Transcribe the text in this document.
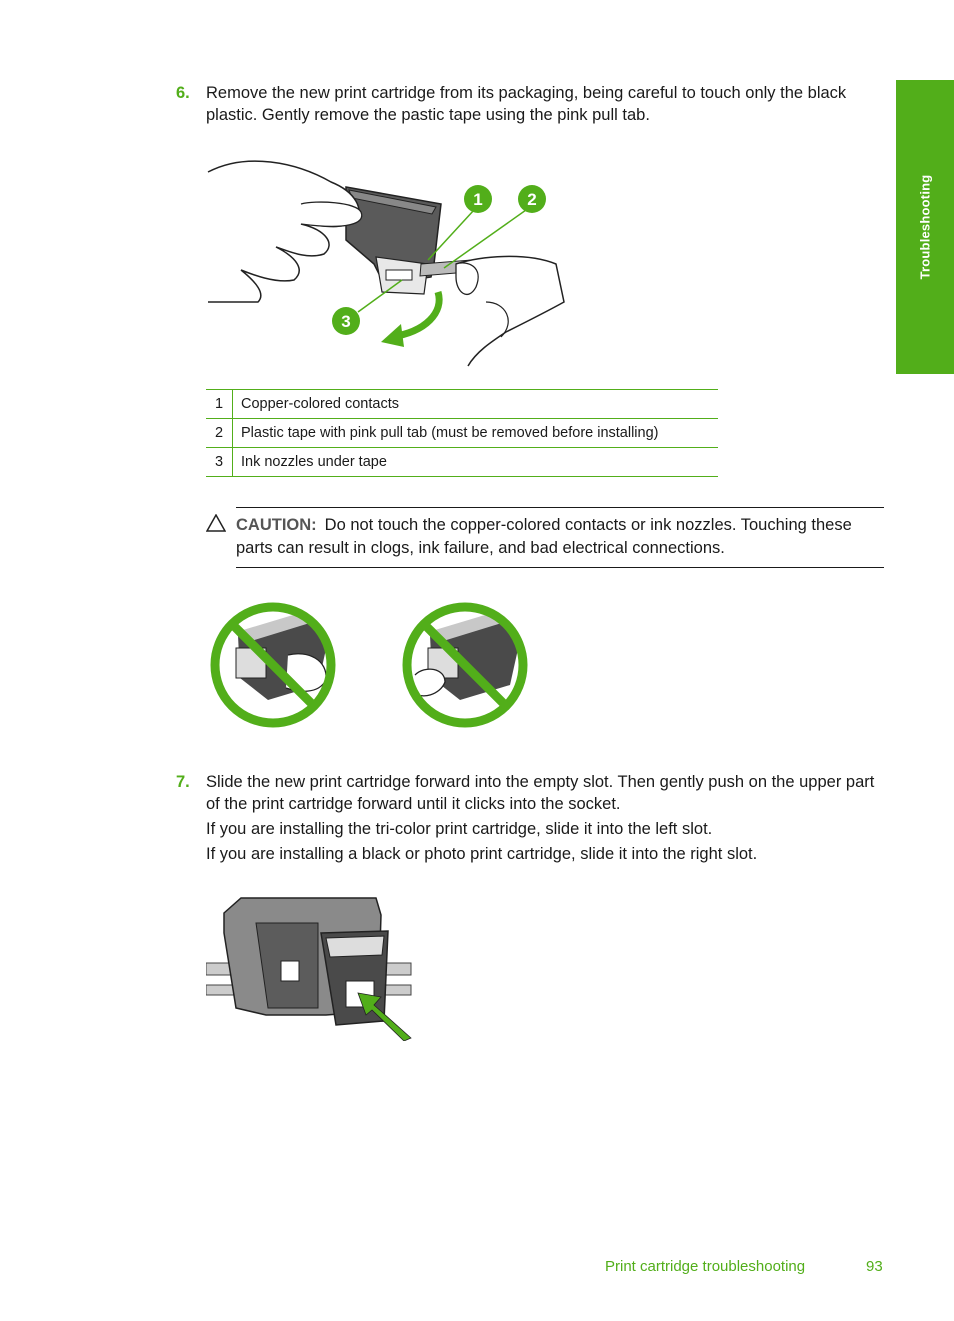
Troubleshooting
6. Remove the new print cartridge from its packaging, being careful to touch only the black plastic. Gently remove the pastic tape using the pink pull tab.

1	2
3
1	Copper-colored contacts
2	Plastic tape with pink pull tab (must be removed before installing)
3	Ink nozzles under tape
CAUTION: Do not touch the copper-colored contacts or ink nozzles. Touching these parts can result in clogs, ink failure, and bad electrical connections.
7. Slide the new print cartridge forward into the empty slot. Then gently push on the upper part of the print cartridge forward until it clicks into the socket.

If you are installing the tri-color print cartridge, slide it into the left slot.

If you are installing a black or photo print cartridge, slide it into the right slot.

Print cartridge troubleshooting	93
